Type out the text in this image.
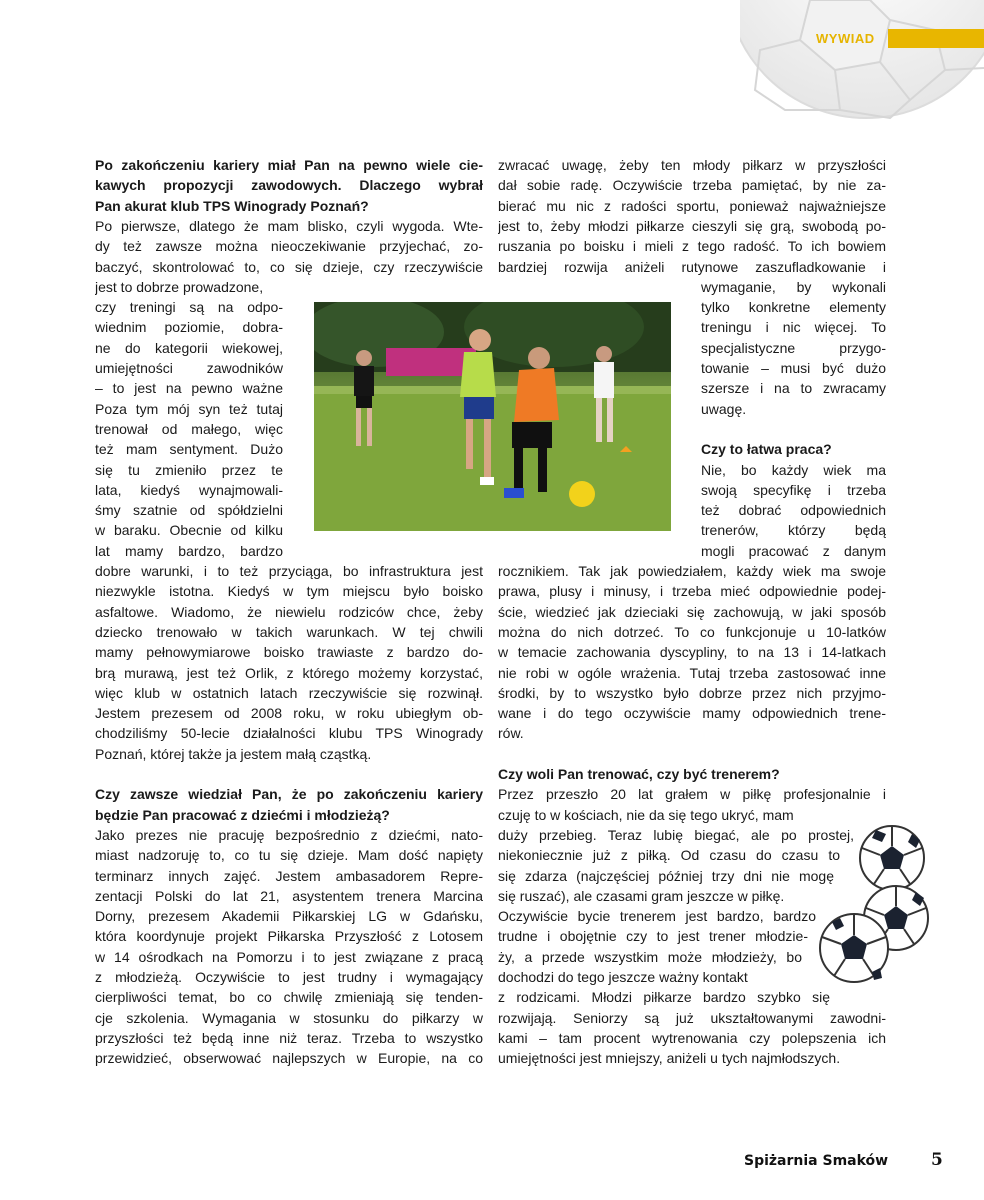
WYWIAD
Po zakończeniu kariery miał Pan na pewno wiele cie-
kawych propozycji zawodowych. Dlaczego wybrał
Pan akurat klub TPS Winogrady Poznań?
Po pierwsze, dlatego że mam blisko, czyli wygoda. Wte-
dy też zawsze można nieoczekiwanie przyjechać, zo-
baczyć, skontrolować to, co się dzieje, czy rzeczywiście
jest to dobrze prowadzone,
czy treningi są na odpo-
wiednim poziomie, dobra-
ne do kategorii wiekowej,
umiejętności zawodników
– to jest na pewno ważne
Poza tym mój syn też tutaj
trenował od małego, więc
też mam sentyment. Dużo
się tu zmieniło przez te
lata, kiedyś wynajmowali-
śmy szatnie od spółdzielni
w baraku. Obecnie od kilku
lat mamy bardzo, bardzo
dobre warunki, i to też przyciąga, bo infrastruktura jest
niezwykle istotna. Kiedyś w tym miejscu było boisko
asfaltowe. Wiadomo, że niewielu rodziców chce, żeby
dziecko trenowało w takich warunkach. W tej chwili
mamy pełnowymiarowe boisko trawiaste z bardzo do-
brą murawą, jest też Orlik, z którego możemy korzystać,
więc klub w ostatnich latach rzeczywiście się rozwinął.
Jestem prezesem od 2008 roku, w roku ubiegłym ob-
chodziliśmy 50-lecie działalności klubu TPS Winogrady
Poznań, której także ja jestem małą cząstką.
Czy zawsze wiedział Pan, że po zakończeniu kariery
będzie Pan pracować z dziećmi i młodzieżą?
Jako prezes nie pracuję bezpośrednio z dziećmi, nato-
miast nadzoruję to, co tu się dzieje. Mam dość napięty
terminarz innych zajęć. Jestem ambasadorem Repre-
zentacji Polski do lat 21, asystentem trenera Marcina
Dorny, prezesem Akademii Piłkarskiej LG w Gdańsku,
która koordynuje projekt Piłkarska Przyszłość z Lotosem
w 14 ośrodkach na Pomorzu i to jest związane z pracą
z młodzieżą. Oczywiście to jest trudny i wymagający
cierpliwości temat, bo co chwilę zmieniają się tenden-
cje szkolenia. Wymagania w stosunku do piłkarzy w
przyszłości też będą inne niż teraz. Trzeba to wszystko
przewidzieć, obserwować najlepszych w Europie, na co
zwracać uwagę, żeby ten młody piłkarz w przyszłości
dał sobie radę. Oczywiście trzeba pamiętać, by nie za-
bierać mu nic z radości sportu, ponieważ najważniejsze
jest to, żeby młodzi piłkarze cieszyli się grą, swobodą po-
ruszania po boisku i mieli z tego radość. To ich bowiem
bardziej rozwija aniżeli rutynowe zaszufladkowanie i
wymaganie, by wykonali
tylko konkretne elementy
treningu i nic więcej. To
specjalistyczne przygo-
towanie – musi być dużo
szersze i na to zwracamy
uwagę.
Czy to łatwa praca?
Nie, bo każdy wiek ma
swoją specyfikę i trzeba
też dobrać odpowiednich
trenerów, którzy będą
mogli pracować z danym
rocznikiem. Tak jak powiedziałem, każdy wiek ma swoje
prawa, plusy i minusy, i trzeba mieć odpowiednie podej-
ście, wiedzieć jak dzieciaki się zachowują, w jaki sposób
można do nich dotrzeć. To co funkcjonuje u 10-latków
w temacie zachowania dyscypliny, to na 13 i 14-latkach
nie robi w ogóle wrażenia. Tutaj trzeba zastosować inne
środki, by to wszystko było dobrze przez nich przyjmo-
wane i do tego oczywiście mamy odpowiednich trene-
rów.
Czy woli Pan trenować, czy być trenerem?
Przez przeszło 20 lat grałem w piłkę profesjonalnie i
czuję to w kościach, nie da się tego ukryć, mam
duży przebieg. Teraz lubię biegać, ale po prostej,
niekoniecznie już z piłką. Od czasu do czasu to
się zdarza (najczęściej później trzy dni nie mogę
się ruszać), ale czasami gram jeszcze w piłkę.
Oczywiście bycie trenerem jest bardzo, bardzo
trudne i obojętnie czy to jest trener młodzie-
ży, a przede wszystkim może młodzieży, bo
dochodzi do tego jeszcze ważny kontakt
z rodzicami. Młodzi piłkarze bardzo szybko się
rozwijają. Seniorzy są już ukształtowanymi zawodni-
kami – tam procent wytrenowania czy polepszenia ich
umiejętności jest mniejszy, aniżeli u tych najmłodszych.
Spiżarnia Smaków	5
